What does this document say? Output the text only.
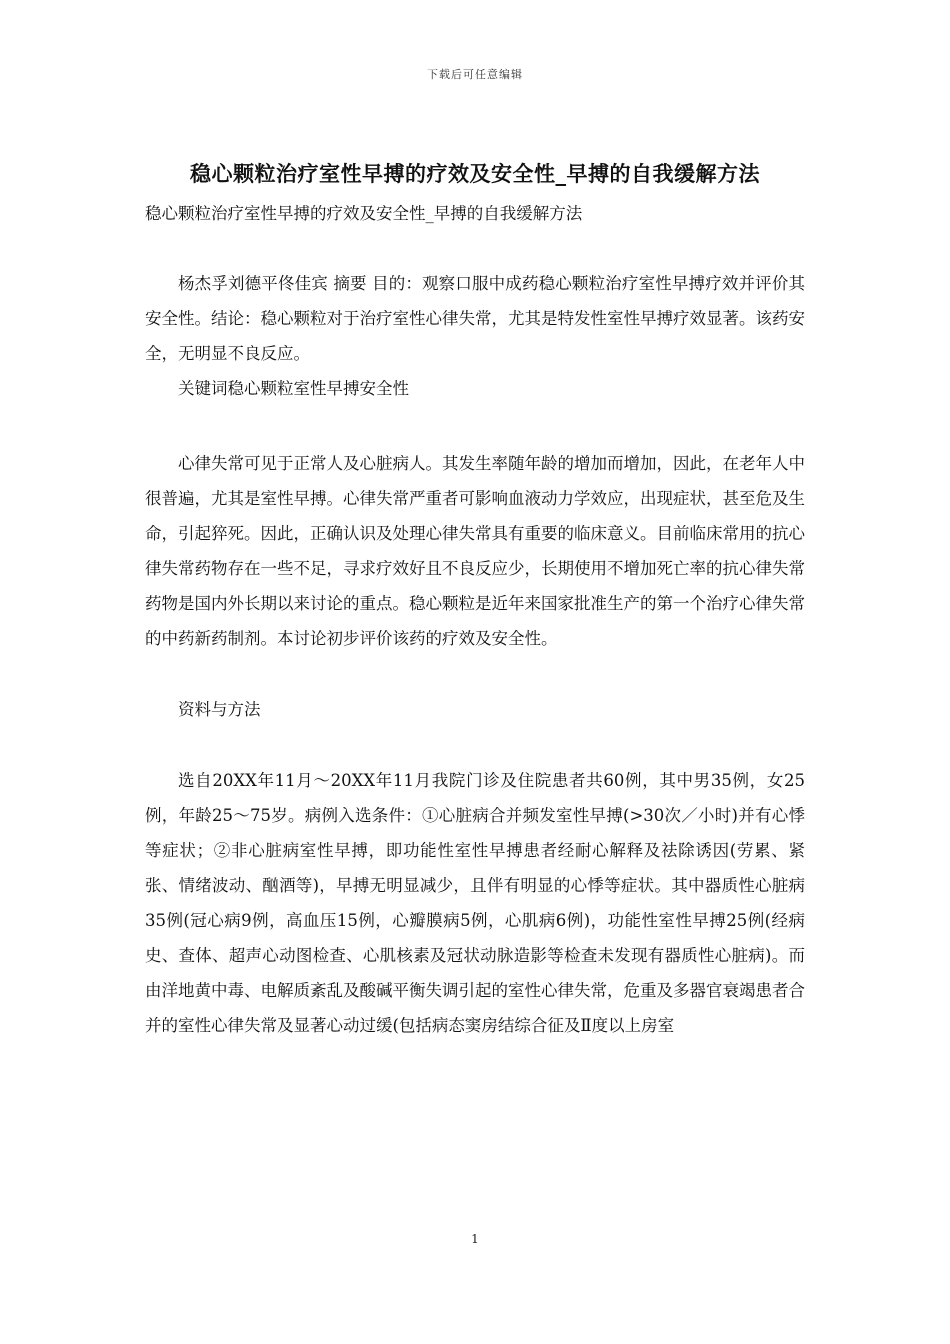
下载后可任意编辑
稳心颗粒治疗室性早搏的疗效及安全性_早搏的自我缓解方法
稳心颗粒治疗室性早搏的疗效及安全性_早搏的自我缓解方法

杨杰孚刘德平佟佳宾 摘要 目的：观察口服中成药稳心颗粒治疗室性早搏疗效并评价其安全性。结论：稳心颗粒对于治疗室性心律失常，尤其是特发性室性早搏疗效显著。该药安全，无明显不良反应。

关键词稳心颗粒室性早搏安全性

心律失常可见于正常人及心脏病人。其发生率随年龄的增加而增加，因此，在老年人中很普遍，尤其是室性早搏。心律失常严重者可影响血液动力学效应，出现症状，甚至危及生命，引起猝死。因此，正确认识及处理心律失常具有重要的临床意义。目前临床常用的抗心律失常药物存在一些不足，寻求疗效好且不良反应少，长期使用不增加死亡率的抗心律失常药物是国内外长期以来讨论的重点。稳心颗粒是近年来国家批准生产的第一个治疗心律失常的中药新药制剂。本讨论初步评价该药的疗效及安全性。

资料与方法

选自20XX年11月～20XX年11月我院门诊及住院患者共60例，其中男35例，女25例，年龄25～75岁。病例入选条件：①心脏病合并频发室性早搏(>30次／小时)并有心悸等症状；②非心脏病室性早搏，即功能性室性早搏患者经耐心解释及祛除诱因(劳累、紧张、情绪波动、酗酒等)，早搏无明显减少，且伴有明显的心悸等症状。其中器质性心脏病35例(冠心病9例，高血压15例，心瓣膜病5例，心肌病6例)，功能性室性早搏25例(经病史、查体、超声心动图检查、心肌核素及冠状动脉造影等检查未发现有器质性心脏病)。而由洋地黄中毒、电解质紊乱及酸碱平衡失调引起的室性心律失常，危重及多器官衰竭患者合并的室性心律失常及显著心动过缓(包括病态窦房结综合征及Ⅱ度以上房室

1
